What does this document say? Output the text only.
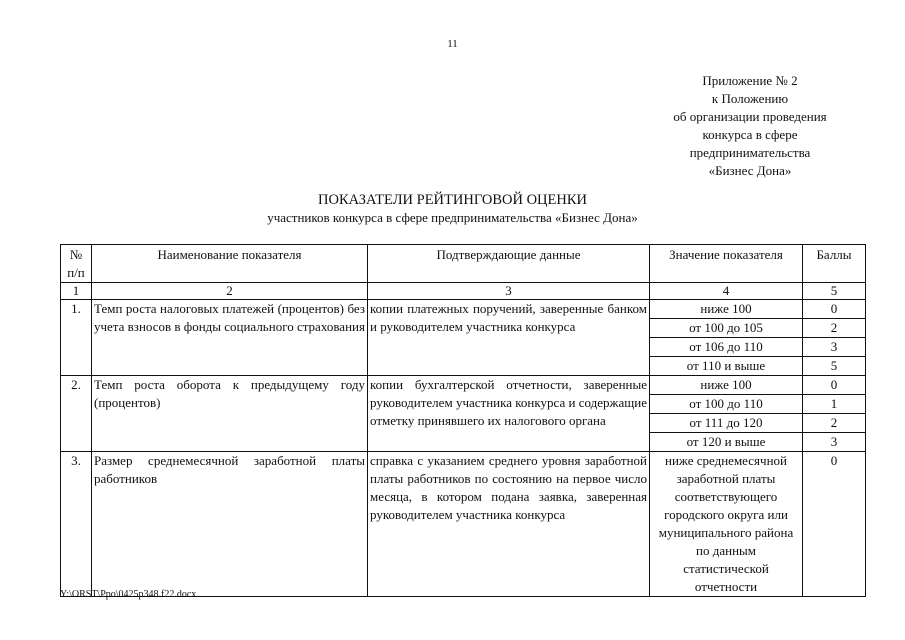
11
Приложение № 2
к Положению
об организации проведения
конкурса в сфере
предпринимательства
«Бизнес Дона»
ПОКАЗАТЕЛИ РЕЙТИНГОВОЙ ОЦЕНКИ
участников конкурса в сфере предпринимательства «Бизнес Дона»
№ п/п	Наименование показателя	Подтверждающие данные	Значение показателя	Баллы
1	2	3	4	5
1.	Темп роста налоговых платежей (процентов) без учета взносов в фонды социального страхования	копии платежных поручений, заверенные банком и руководителем участника конкурса	ниже 100	0
			от 100 до 105	2
			от 106 до 110	3
			от 110 и выше	5
2.	Темп роста оборота к предыдущему году (процентов)	копии бухгалтерской отчетности, заверенные руководителем участника конкурса и содержащие отметку принявшего их налогового органа	ниже 100	0
			от 100 до 110	1
			от 111 до 120	2
			от 120 и выше	3
3.	Размер среднемесячной заработной платы работников	справка с указанием среднего уровня заработной платы работников по состоянию на первое число месяца, в котором подана заявка, заверенная руководителем участника конкурса	ниже среднемесячной заработной платы соответствующего городского округа или муниципального района по данным статистической отчетности	0
Y:\ORST\Ppo\0425p348.f22.docx
